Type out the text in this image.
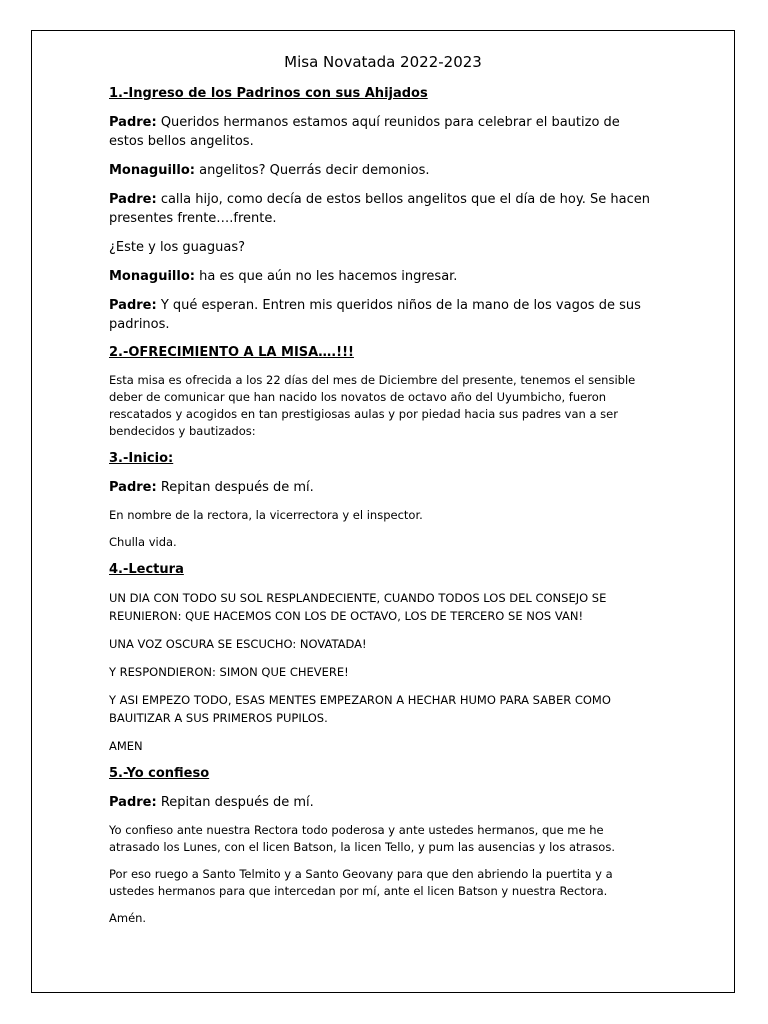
Misa Novatada 2022-2023
1.-Ingreso de los Padrinos con sus Ahijados

Padre: Queridos hermanos estamos aquí reunidos para celebrar el bautizo de estos bellos angelitos.

Monaguillo: angelitos? Querrás decir demonios.

Padre: calla hijo, como decía de estos bellos angelitos que el día de hoy. Se hacen presentes frente….frente.

¿Este y los guaguas?

Monaguillo: ha es que aún no les hacemos ingresar.

Padre: Y qué esperan. Entren mis queridos niños de la mano de los vagos de sus padrinos.

2.-OFRECIMIENTO A LA MISA….!!!

Esta misa es ofrecida a los 22 días del mes de Diciembre del presente, tenemos el sensible deber de comunicar que han nacido los novatos de octavo año del Uyumbicho, fueron rescatados y acogidos en tan prestigiosas aulas y por piedad hacia sus padres van a ser bendecidos y bautizados:

3.-Inicio:

Padre: Repitan después de mí.

En nombre de la rectora, la vicerrectora y el inspector.

Chulla vida.

4.-Lectura

UN DIA CON TODO SU SOL RESPLANDECIENTE, CUANDO TODOS LOS DEL CONSEJO SE REUNIERON: QUE HACEMOS CON LOS DE OCTAVO, LOS DE TERCERO SE NOS VAN!

UNA VOZ OSCURA SE ESCUCHO: NOVATADA!

Y RESPONDIERON: SIMON QUE CHEVERE!

Y ASI EMPEZO TODO, ESAS MENTES EMPEZARON A HECHAR HUMO PARA SABER COMO BAUITIZAR A SUS PRIMEROS PUPILOS.

AMEN

5.-Yo confieso

Padre: Repitan después de mí.

Yo confieso ante nuestra Rectora todo poderosa y ante ustedes hermanos, que me he atrasado los Lunes, con el licen Batson, la licen Tello, y pum las ausencias y los atrasos.

Por eso ruego a Santo Telmito y a Santo Geovany para que den abriendo la puertita y a ustedes hermanos para que intercedan por mí, ante el licen Batson y nuestra Rectora.

Amén.
